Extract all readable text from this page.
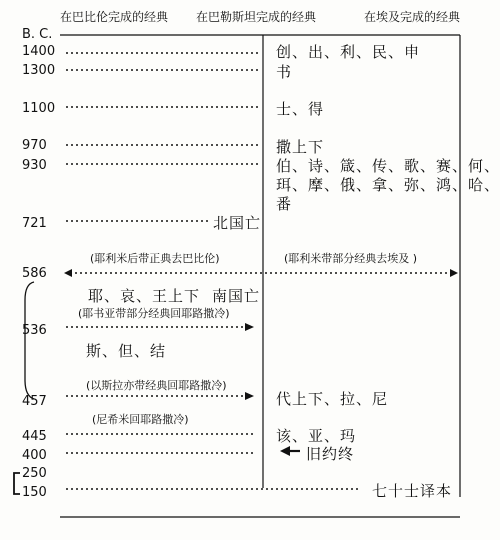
在巴比伦完成的经典 在巴勒斯坦完成的经典	在埃及完成的经典
B. C.
1400
1300
1100
970
930
721
586
536
457
445
400
250
150
创、出、利、民、申
书
士、得
撒上下
伯、诗、箴、传、歌、赛、何、
珥、摩、俄、拿、弥、鸿、哈、
番
代上下、拉、尼
该、亚、玛
旧约终
七十士译本
北国亡
耶、哀、王上下 南国亡
斯、但、结
(耶利米后带正典去巴比伦)	(耶利米带部分经典去埃及 )
(耶书亚带部分经典回耶路撒冷)
(以斯拉亦带经典回耶路撒冷)
(尼希米回耶路撒冷)
